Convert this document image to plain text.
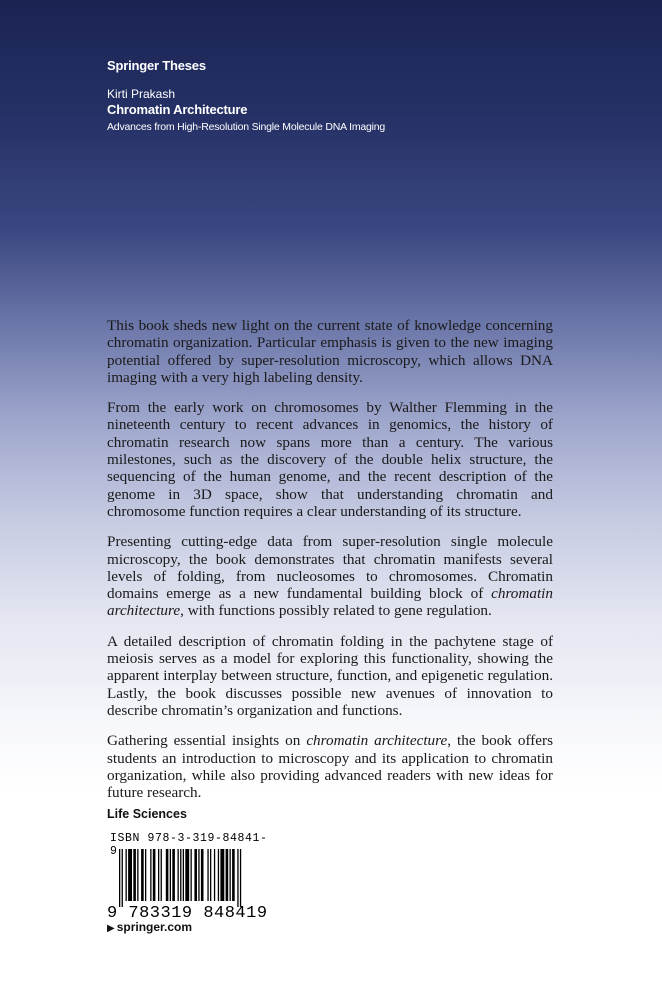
Springer Theses
Kirti Prakash
Chromatin Architecture
Advances from High-Resolution Single Molecule DNA Imaging

This book sheds new light on the current state of knowledge concerning chromatin organization. Particular emphasis is given to the new imaging potential offered by super-resolution microscopy, which allows DNA imaging with a very high labeling density.

From the early work on chromosomes by Walther Flemming in the nineteenth century to recent advances in genomics, the history of chromatin research now spans more than a century. The various milestones, such as the discovery of the double helix structure, the sequencing of the human genome, and the recent description of the genome in 3D space, show that understanding chromatin and chromosome function requires a clear understanding of its structure.

Presenting cutting-edge data from super-resolution single molecule microscopy, the book demonstrates that chromatin manifests several levels of folding, from nucleosomes to chromosomes. Chromatin domains emerge as a new fundamental building block of chromatin architecture, with functions possibly related to gene regulation.

A detailed description of chromatin folding in the pachytene stage of meiosis serves as a model for exploring this functionality, showing the apparent interplay between structure, function, and epigenetic regulation. Lastly, the book discusses possible new avenues of innovation to describe chromatin’s organization and functions.

Gathering essential insights on chromatin architecture, the book offers students an introduction to microscopy and its application to chromatin organization, while also providing advanced readers with new ideas for future research.

Life Sciences
ISBN 978-3-319-84841-9
9 783319 848419
▶ springer.com
